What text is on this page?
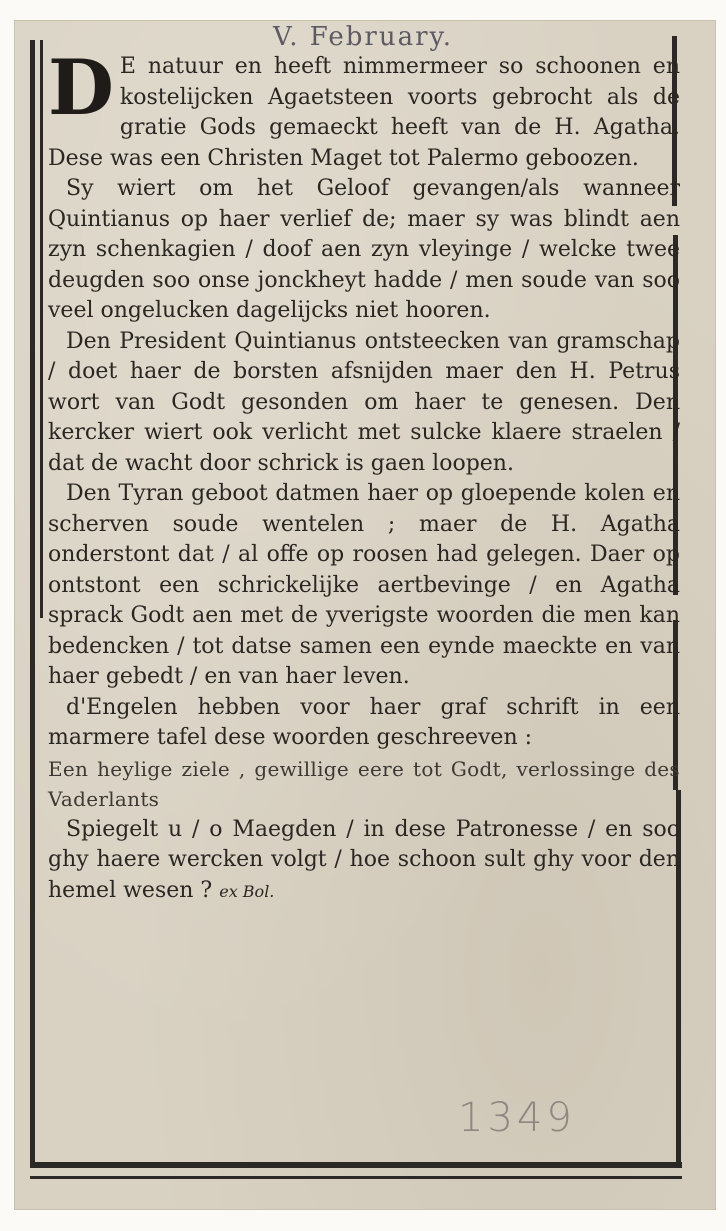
V. February.

D E natuur en heeft nimmermeer so schoonen en kostelijcken Agaetsteen voorts gebrocht als de gratie Gods gemaeckt heeft van de H. Agatha. Dese was een Christen Maget tot Palermo geboozen.

Sy wiert om het Geloof gevangen/als wanneer Quintianus op haer verlief de; maer sy was blindt aen zyn schenkagien / doof aen zyn vleyinge / welcke twee deugden soo onse jonckheyt hadde / men soude van soo veel ongelucken dagelijcks niet hooren.

Den President Quintianus ontsteecken van gramschap / doet haer de borsten afsnijden maer den H. Petrus wort van Godt gesonden om haer te genesen. Den kercker wiert ook verlicht met sulcke klaere straelen / dat de wacht door schrick is gaen loopen.

Den Tyran geboot datmen haer op gloepende kolen en scherven soude wentelen ; maer de H. Agatha onderstont dat / al offe op roosen had gelegen. Daer op ontstont een schrickelijke aertbevinge / en Agatha sprack Godt aen met de yverigste woorden die men kan bedencken / tot datse samen een eynde maeckte en van haer gebedt / en van haer leven.

d'Engelen hebben voor haer graf schrift in een marmere tafel dese woorden geschreeven :

Een heylige ziele , gewillige eere tot Godt, verlossinge des Vaderlants

Spiegelt u / o Maegden / in dese Patronesse / en soo ghy haere wercken volgt / hoe schoon sult ghy voor den hemel wesen ? ex Bol.

1349
